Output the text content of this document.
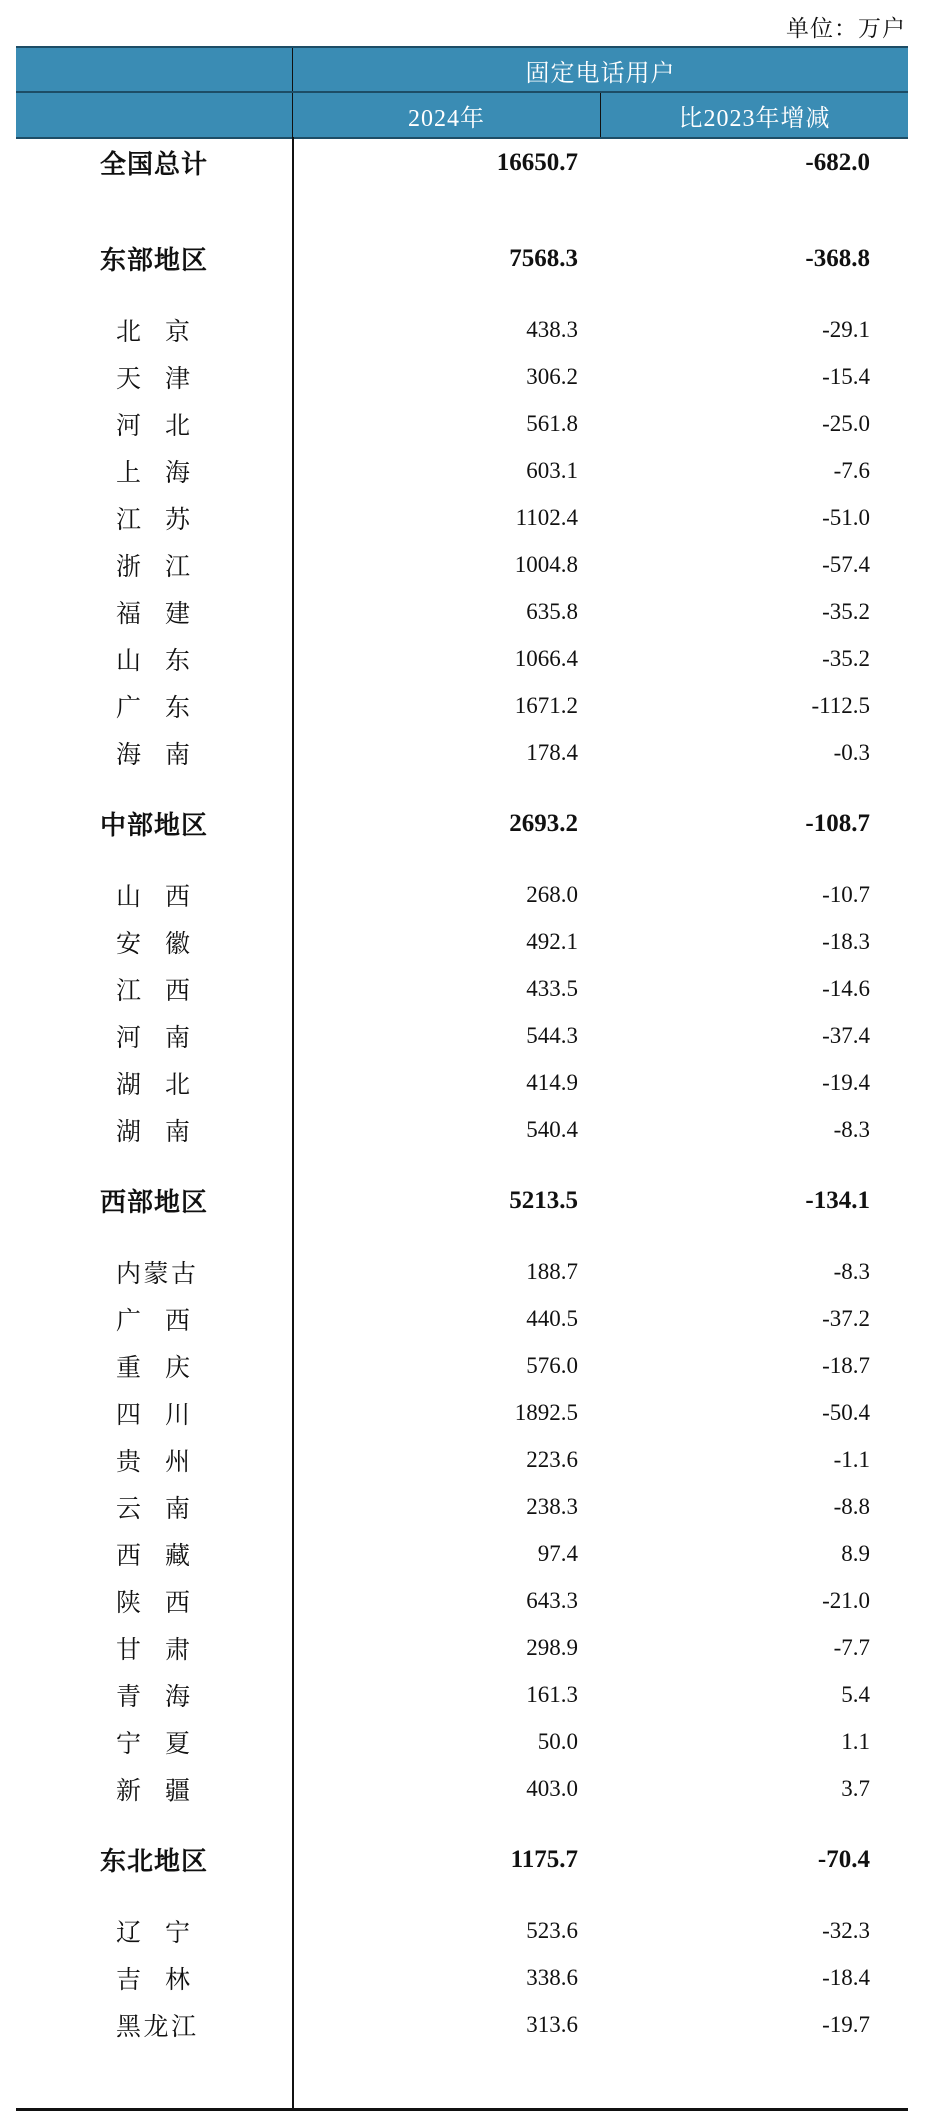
单位：万户
固定电话用户
2024年	比2023年增减
全国总计	16650.7	-682.0
东部地区	7568.3	-368.8
北 京	438.3	-29.1
天 津	306.2	-15.4
河 北	561.8	-25.0
上 海	603.1	-7.6
江 苏	1102.4	-51.0
浙 江	1004.8	-57.4
福 建	635.8	-35.2
山 东	1066.4	-35.2
广 东	1671.2	-112.5
海 南	178.4	-0.3
中部地区	2693.2	-108.7
山 西	268.0	-10.7
安 徽	492.1	-18.3
江 西	433.5	-14.6
河 南	544.3	-37.4
湖 北	414.9	-19.4
湖 南	540.4	-8.3
西部地区	5213.5	-134.1
内 蒙 古	188.7	-8.3
广 西	440.5	-37.2
重 庆	576.0	-18.7
四 川	1892.5	-50.4
贵 州	223.6	-1.1
云 南	238.3	-8.8
西 藏	97.4	8.9
陕 西	643.3	-21.0
甘 肃	298.9	-7.7
青 海	161.3	5.4
宁 夏	50.0	1.1
新 疆	403.0	3.7
东北地区	1175.7	-70.4
辽 宁	523.6	-32.3
吉 林	338.6	-18.4
黑 龙 江	313.6	-19.7
